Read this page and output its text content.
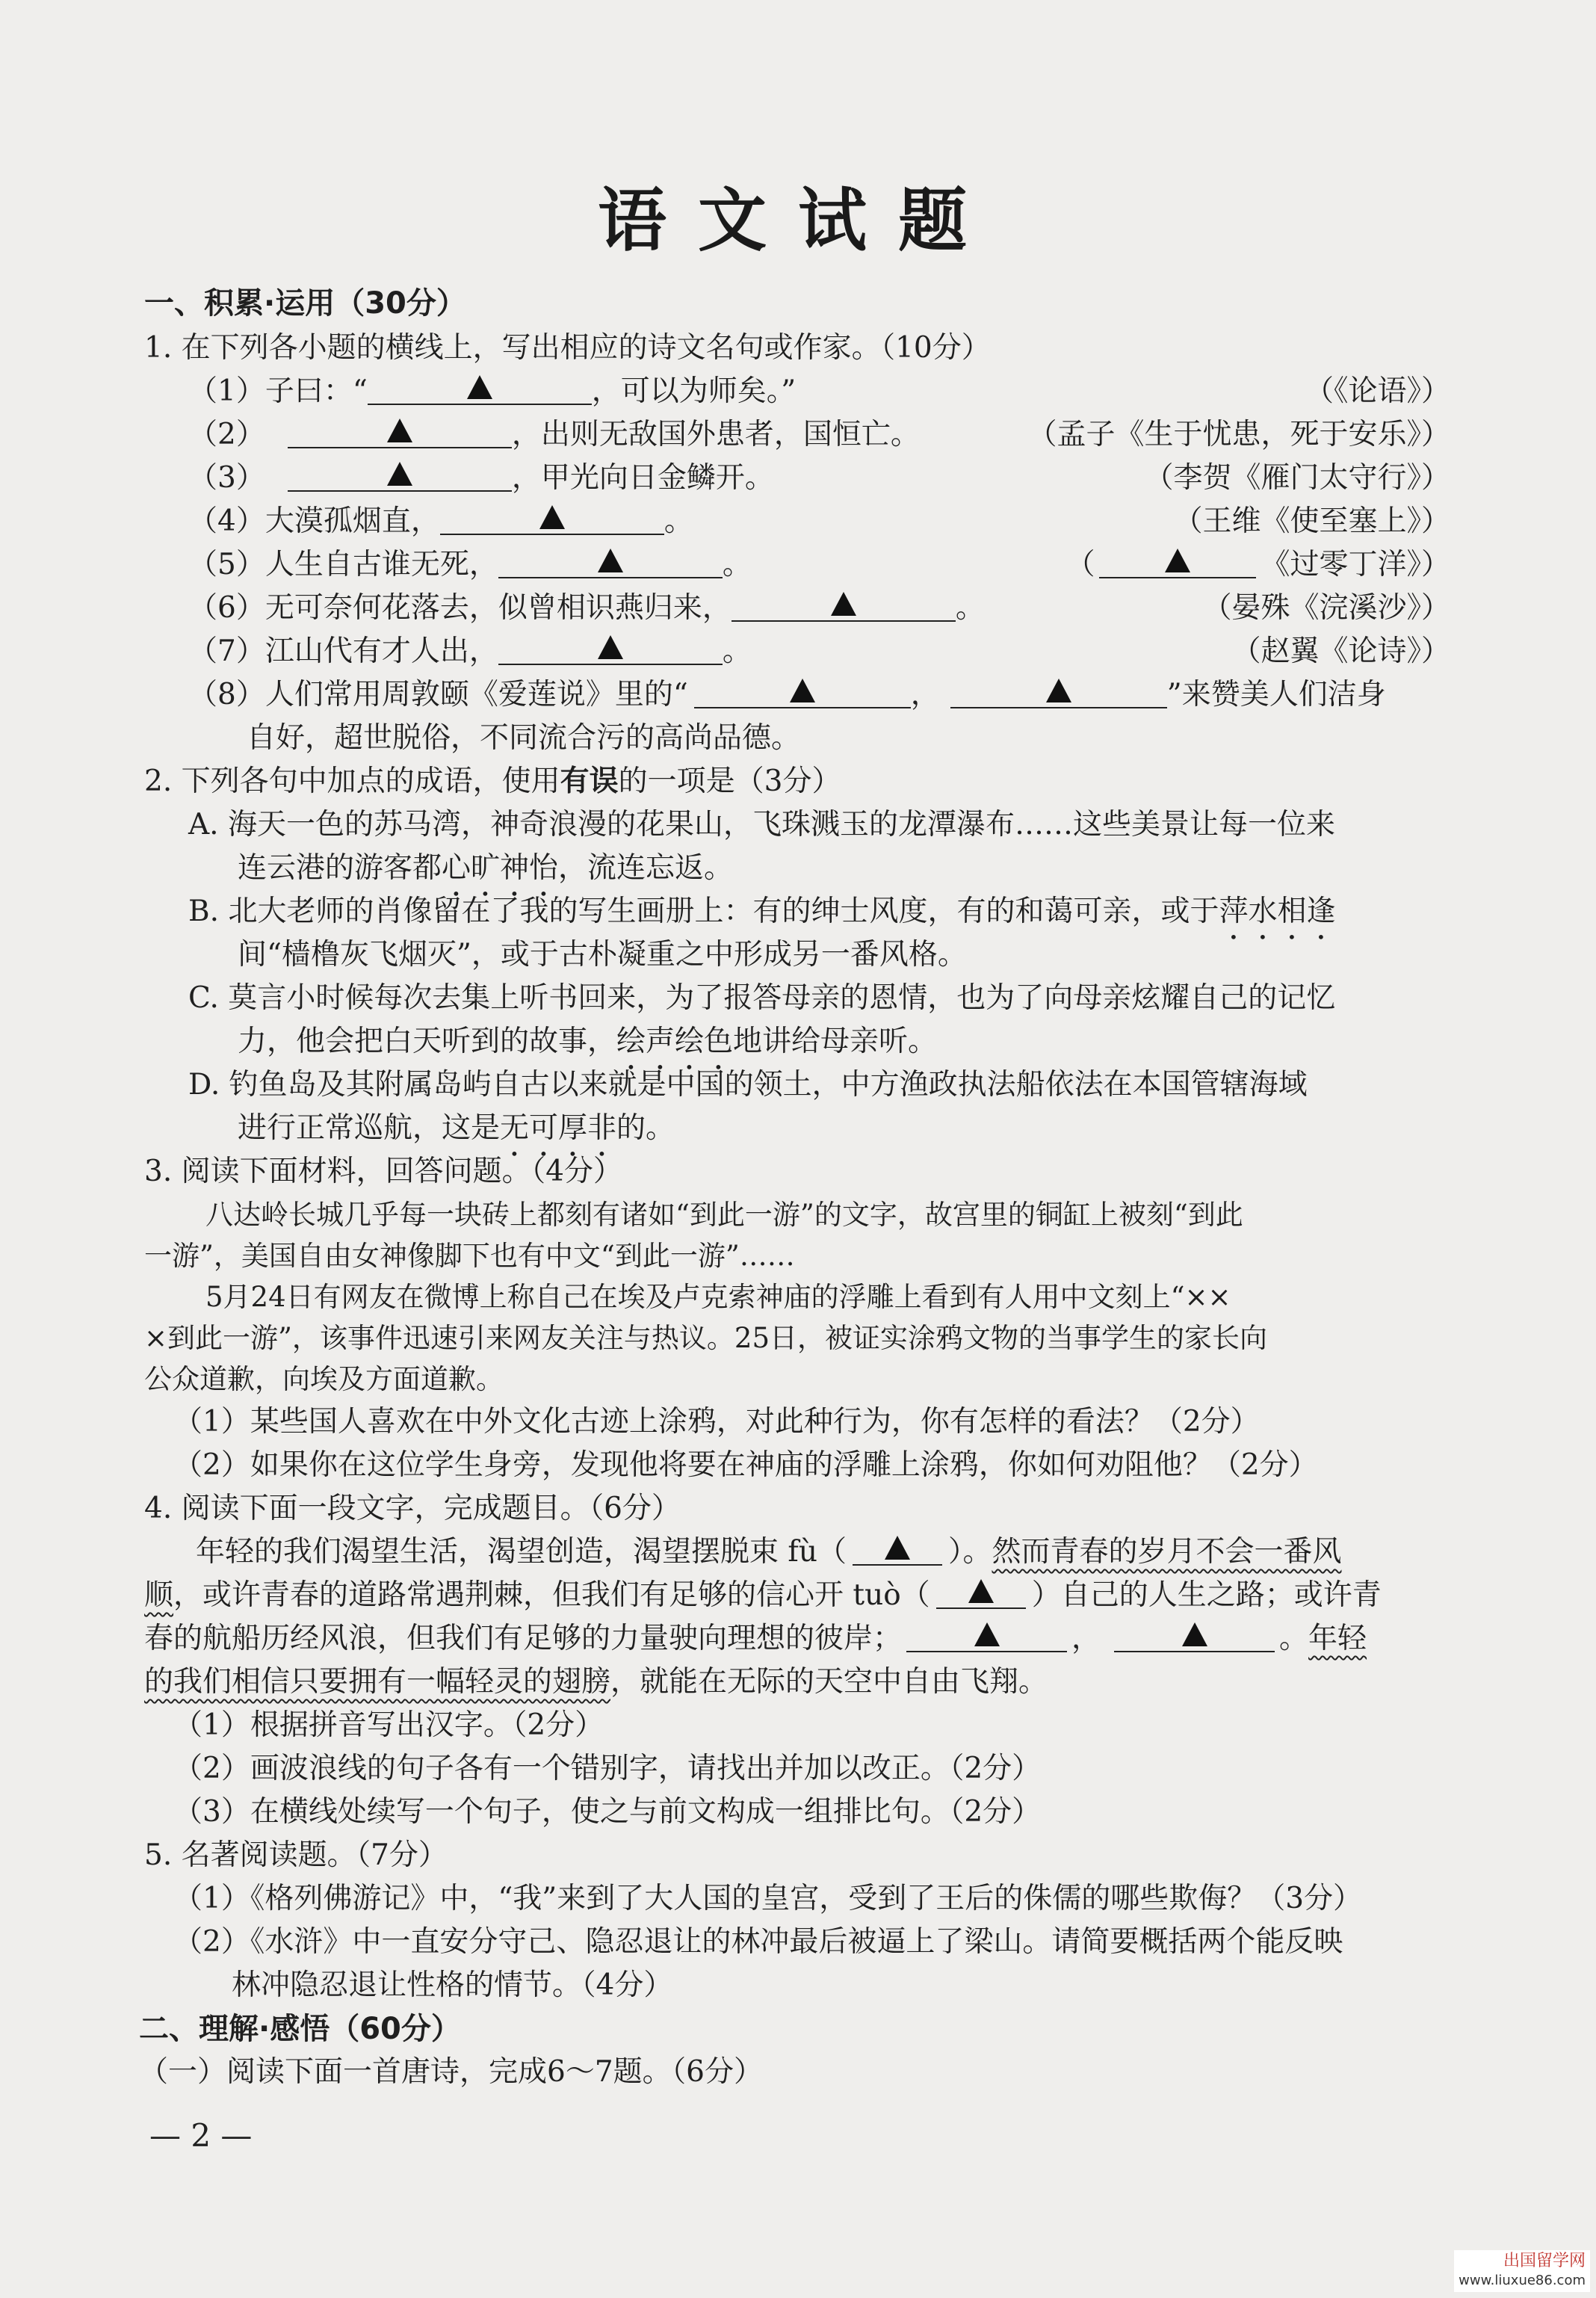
语文试题
一、积累·运用（30分）
1. 在下列各小题的横线上，写出相应的诗文名句或作家。（10分）
（1）子曰：“	，可以为师矣。”	（《论语》）
（2）	，出则无敌国外患者，国恒亡。	（孟子《生于忧患，死于安乐》）
（3）	，甲光向日金鳞开。	（李贺《雁门太守行》）
（4）大漠孤烟直，	。	（王维《使至塞上》）
（5）人生自古谁无死，	。	（	《过零丁洋》）
（6）无可奈何花落去，似曾相识燕归来，	。	（晏殊《浣溪沙》）
（7）江山代有才人出，	。	（赵翼《论诗》）
（8）人们常用周敦颐《爱莲说》里的“	，	”来赞美人们洁身
自好，超世脱俗，不同流合污的高尚品德。
2. 下列各句中加点的成语，使用有误的一项是（3分）
A. 海天一色的苏马湾，神奇浪漫的花果山，飞珠溅玉的龙潭瀑布……这些美景让每一位来
连云港的游客都心旷神怡，流连忘返。
B. 北大老师的肖像留在了我的写生画册上：有的绅士风度，有的和蔼可亲，或于萍水相逢
间“樯橹灰飞烟灭”，或于古朴凝重之中形成另一番风格。
C. 莫言小时候每次去集上听书回来，为了报答母亲的恩情，也为了向母亲炫耀自己的记忆
力，他会把白天听到的故事，绘声绘色地讲给母亲听。
D. 钓鱼岛及其附属岛屿自古以来就是中国的领土，中方渔政执法船依法在本国管辖海域
进行正常巡航，这是无可厚非的。
3. 阅读下面材料，回答问题。（4分）
八达岭长城几乎每一块砖上都刻有诸如“到此一游”的文字，故宫里的铜缸上被刻“到此
一游”，美国自由女神像脚下也有中文“到此一游”……
5月24日有网友在微博上称自己在埃及卢克索神庙的浮雕上看到有人用中文刻上“××
×到此一游”，该事件迅速引来网友关注与热议。25日，被证实涂鸦文物的当事学生的家长向
公众道歉，向埃及方面道歉。
（1）某些国人喜欢在中外文化古迹上涂鸦，对此种行为，你有怎样的看法？（2分）
（2）如果你在这位学生身旁，发现他将要在神庙的浮雕上涂鸦，你如何劝阻他？（2分）
4. 阅读下面一段文字，完成题目。（6分）
年轻的我们渴望生活，渴望创造，渴望摆脱束 fù（	）。然而青春的岁月不会一番风
顺，或许青春的道路常遇荆棘，但我们有足够的信心开 tuò（	）自己的人生之路；或许青
春的航船历经风浪，但我们有足够的力量驶向理想的彼岸；	，	。年轻
的我们相信只要拥有一幅轻灵的翅膀，就能在无际的天空中自由飞翔。
（1）根据拼音写出汉字。（2分）
（2）画波浪线的句子各有一个错别字，请找出并加以改正。（2分）
（3）在横线处续写一个句子，使之与前文构成一组排比句。（2分）
5. 名著阅读题。（7分）
（1）《格列佛游记》中，“我”来到了大人国的皇宫，受到了王后的侏儒的哪些欺侮？（3分）
（2）《水浒》中一直安分守己、隐忍退让的林冲最后被逼上了梁山。请简要概括两个能反映
林冲隐忍退让性格的情节。（4分）
二、理解·感悟（60分）
（一）阅读下面一首唐诗，完成6～7题。（6分）
— 2 —
出国留学网
www.liuxue86.com
